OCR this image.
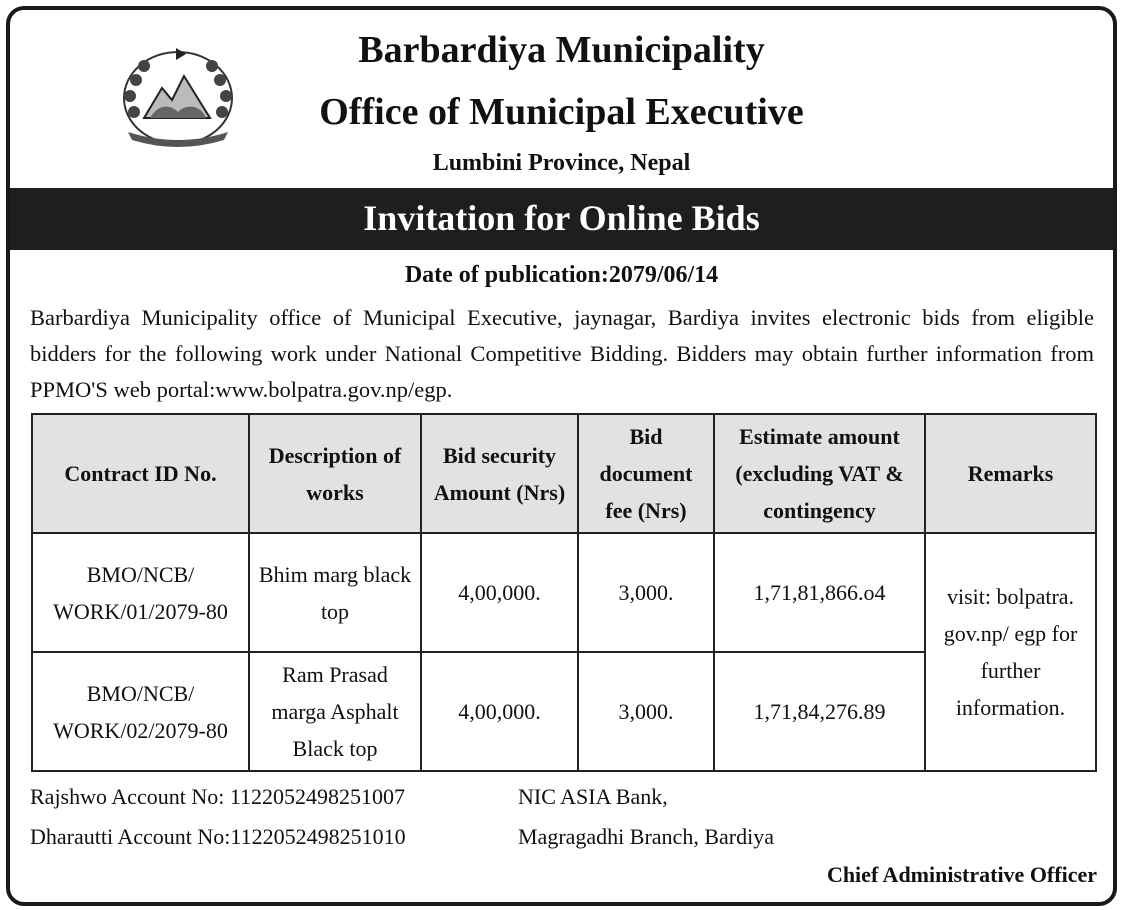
Barbardiya Municipality
Office of Municipal Executive
Lumbini Province, Nepal
Invitation for Online Bids
Date of publication:2079/06/14
Barbardiya Municipality office of Municipal Executive, jaynagar, Bardiya invites electronic bids from eligible bidders for the following work under National Competitive Bidding. Bidders may obtain further information from PPMO'S web portal:www.bolpatra.gov.np/egp.
Contract ID No.	Description of works	Bid security Amount (Nrs)	Bid document fee (Nrs)	Estimate amount (excluding VAT & contingency	Remarks
BMO/NCB/ WORK/01/2079-80	Bhim marg black top	4,00,000.	3,000.	1,71,81,866.o4	visit: bolpatra. gov.np/ egp for further information.
BMO/NCB/ WORK/02/2079-80	Ram Prasad marga Asphalt Black top	4,00,000.	3,000.	1,71,84,276.89	
Rajshwo Account No: 1122052498251007
Dharautti Account No:1122052498251010
NIC ASIA Bank,
Magragadhi Branch, Bardiya
Chief Administrative Officer
